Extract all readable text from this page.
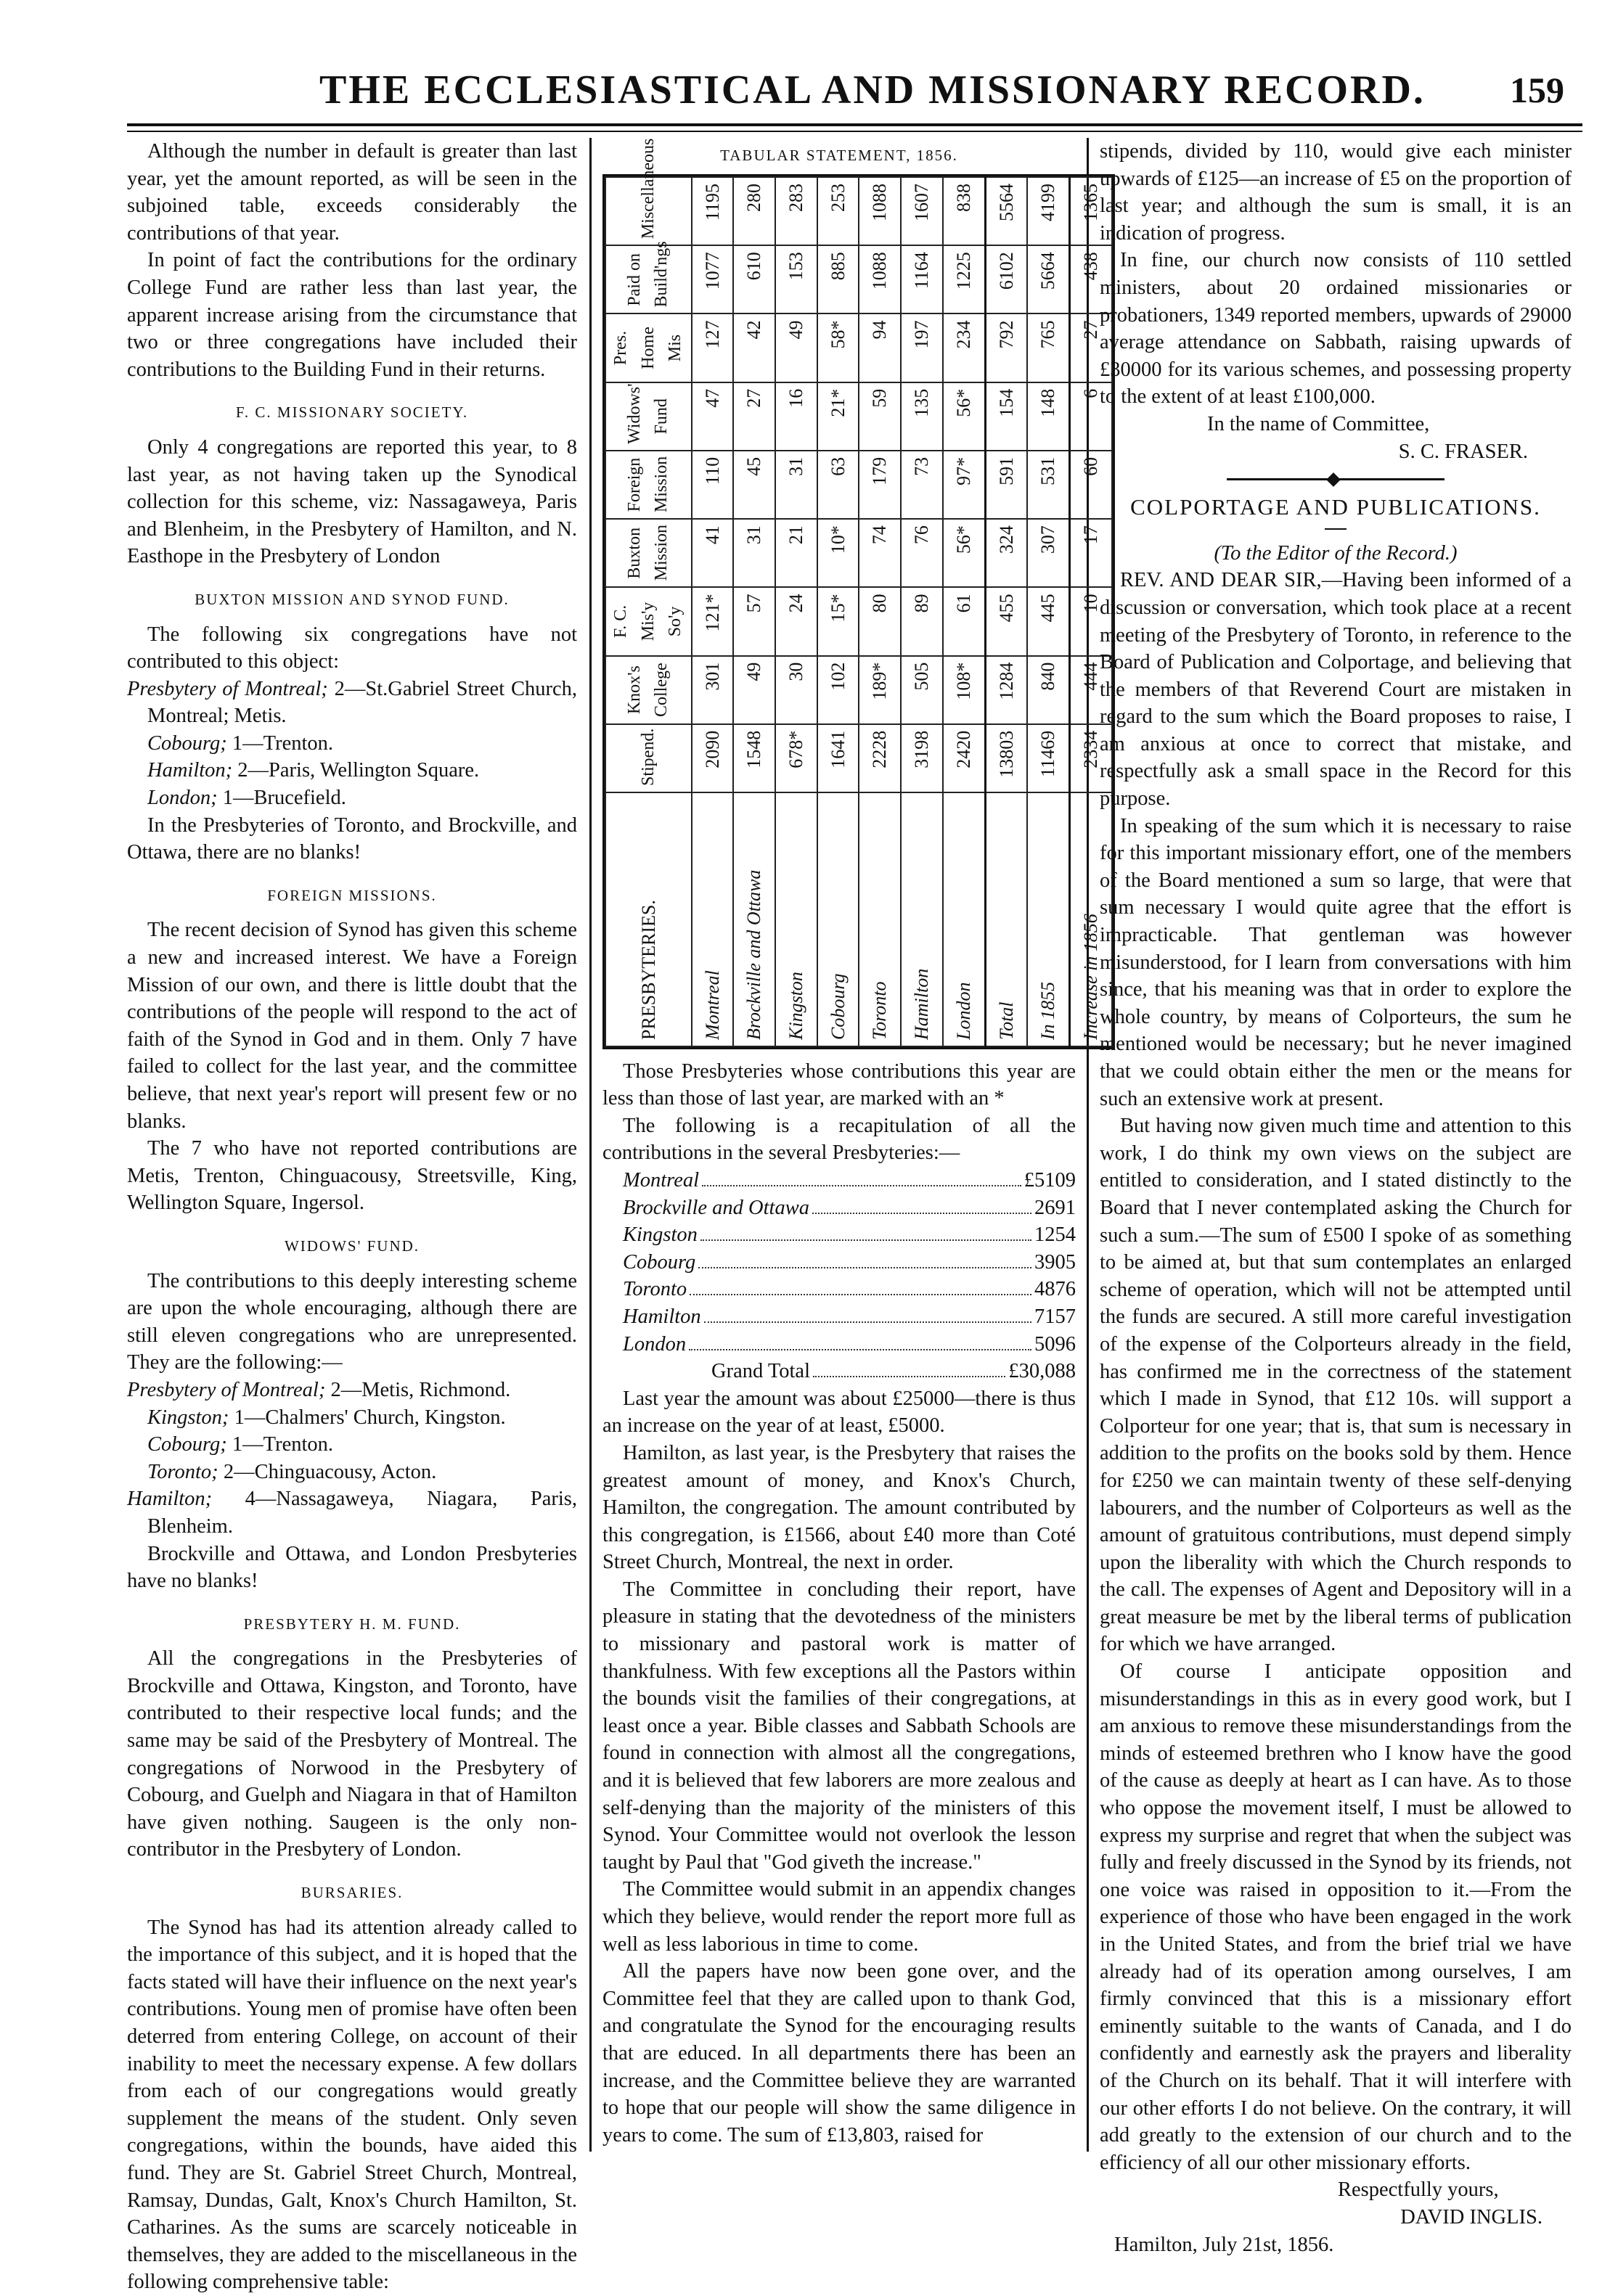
THE ECCLESIASTICAL AND MISSIONARY RECORD. 159

Although the number in default is greater than last year, yet the amount reported, as will be seen in the subjoined table, exceeds considerably the contributions of that year.

In point of fact the contributions for the ordinary College Fund are rather less than last year, the apparent increase arising from the circumstance that two or three congregations have included their contributions to the Building Fund in their returns.

F. C. MISSIONARY SOCIETY.

Only 4 congregations are reported this year, to 8 last year, as not having taken up the Synodical collection for this scheme, viz: Nassagaweya, Paris and Blenheim, in the Presbytery of Hamilton, and N. Easthope in the Presbytery of London

BUXTON MISSION AND SYNOD FUND.

The following six congregations have not contributed to this object:

Presbytery of Montreal; 2—St.Gabriel Street Church, Montreal; Metis.

Cobourg; 1—Trenton.

Hamilton; 2—Paris, Wellington Square.

London; 1—Brucefield.

In the Presbyteries of Toronto, and Brockville, and Ottawa, there are no blanks!

FOREIGN MISSIONS.

The recent decision of Synod has given this scheme a new and increased interest. We have a Foreign Mission of our own, and there is little doubt that the contributions of the people will respond to the act of faith of the Synod in God and in them. Only 7 have failed to collect for the last year, and the committee believe, that next year's report will present few or no blanks.

The 7 who have not reported contributions are Metis, Trenton, Chinguacousy, Streetsville, King, Wellington Square, Ingersol.

WIDOWS' FUND.

The contributions to this deeply interesting scheme are upon the whole encouraging, although there are still eleven congregations who are unrepresented. They are the following:—

Presbytery of Montreal; 2—Metis, Richmond.

Kingston; 1—Chalmers' Church, Kingston.

Cobourg; 1—Trenton.

Toronto; 2—Chinguacousy, Acton.

Hamilton; 4—Nassagaweya, Niagara, Paris, Blenheim.

Brockville and Ottawa, and London Presbyteries have no blanks!

PRESBYTERY H. M. FUND.

All the congregations in the Presbyteries of Brockville and Ottawa, Kingston, and Toronto, have contributed to their respective local funds; and the same may be said of the Presbytery of Montreal. The congregations of Norwood in the Presbytery of Cobourg, and Guelph and Niagara in that of Hamilton have given nothing. Saugeen is the only non-contributor in the Presbytery of London.

BURSARIES.

The Synod has had its attention already called to the importance of this subject, and it is hoped that the facts stated will have their influence on the next year's contributions. Young men of promise have often been deterred from entering College, on account of their inability to meet the necessary expense. A few dollars from each of our congregations would greatly supplement the means of the student. Only seven congregations, within the bounds, have aided this fund. They are St. Gabriel Street Church, Montreal, Ramsay, Dundas, Galt, Knox's Church Hamilton, St. Catharines. As the sums are scarcely noticeable in themselves, they are added to the miscellaneous in the following comprehensive table:

TABULAR STATEMENT, 1856.
PRESBYTERIES.	Stipend.	Knox's College	F. C. Mis'y So'y	Buxton Mission	Foreign Mission	Widows' Fund	Pres. Home Mis	Paid on Build'ngs	Miscellaneous
Montreal	2090	301	121*	41	110	47	127	1077	1195
Brockville and Ottawa	1548	49	57	31	45	27	42	610	280
Kingston	678*	30	24	21	31	16	49	153	283
Cobourg	1641	102	15*	10*	63	21*	58*	885	253
Toronto	2228	189*	80	74	179	59	94	1088	1088
Hamilton	3198	505	89	76	73	135	197	1164	1607
London	2420	108*	61	56*	97*	56*	234	1225	838
Total	13803	1284	455	324	591	154	792	6102	5564
In 1855	11469	840	445	307	531	148	765	5664	4199
Increase in 1856	2334	444	10	17	60	6	27	438	1365

Those Presbyteries whose contributions this year are less than those of last year, are marked with an *

The following is a recapitulation of all the contributions in the several Presbyteries:—

Montreal	£5109
Brockville and Ottawa	2691
Kingston	1254
Cobourg	3905
Toronto	4876
Hamilton	7157
London	5096
Grand Total	£30,088

Last year the amount was about £25000—there is thus an increase on the year of at least, £5000.

Hamilton, as last year, is the Presbytery that raises the greatest amount of money, and Knox's Church, Hamilton, the congregation. The amount contributed by this congregation, is £1566, about £40 more than Coté Street Church, Montreal, the next in order.

The Committee in concluding their report, have pleasure in stating that the devotedness of the ministers to missionary and pastoral work is matter of thankfulness. With few exceptions all the Pastors within the bounds visit the families of their congregations, at least once a year. Bible classes and Sabbath Schools are found in connection with almost all the congregations, and it is believed that few laborers are more zealous and self-denying than the majority of the ministers of this Synod. Your Committee would not overlook the lesson taught by Paul that "God giveth the increase."

The Committee would submit in an appendix changes which they believe, would render the report more full as well as less laborious in time to come.

All the papers have now been gone over, and the Committee feel that they are called upon to thank God, and congratulate the Synod for the encouraging results that are educed. In all departments there has been an increase, and the Committee believe they are warranted to hope that our people will show the same diligence in years to come. The sum of £13,803, raised for

stipends, divided by 110, would give each minister upwards of £125—an increase of £5 on the proportion of last year; and although the sum is small, it is an indication of progress.

In fine, our church now consists of 110 settled ministers, about 20 ordained missionaries or probationers, 1349 reported members, upwards of 29000 average attendance on Sabbath, raising upwards of £30000 for its various schemes, and possessing property to the extent of at least £100,000.

In the name of Committee,

S. C. FRASER.

COLPORTAGE AND PUBLICATIONS.

(To the Editor of the Record.)

REV. AND DEAR SIR,—Having been informed of a discussion or conversation, which took place at a recent meeting of the Presbytery of Toronto, in reference to the Board of Publication and Colportage, and believing that the members of that Reverend Court are mistaken in regard to the sum which the Board proposes to raise, I am anxious at once to correct that mistake, and respectfully ask a small space in the Record for this purpose.

In speaking of the sum which it is necessary to raise for this important missionary effort, one of the members of the Board mentioned a sum so large, that were that sum necessary I would quite agree that the effort is impracticable. That gentleman was however misunderstood, for I learn from conversations with him since, that his meaning was that in order to explore the whole country, by means of Colporteurs, the sum he mentioned would be necessary; but he never imagined that we could obtain either the men or the means for such an extensive work at present.

But having now given much time and attention to this work, I do think my own views on the subject are entitled to consideration, and I stated distinctly to the Board that I never contemplated asking the Church for such a sum.—The sum of £500 I spoke of as something to be aimed at, but that sum contemplates an enlarged scheme of operation, which will not be attempted until the funds are secured. A still more careful investigation of the expense of the Colporteurs already in the field, has confirmed me in the correctness of the statement which I made in Synod, that £12 10s. will support a Colporteur for one year; that is, that sum is necessary in addition to the profits on the books sold by them. Hence for £250 we can maintain twenty of these self-denying labourers, and the number of Colporteurs as well as the amount of gratuitous contributions, must depend simply upon the liberality with which the Church responds to the call. The expenses of Agent and Depository will in a great measure be met by the liberal terms of publication for which we have arranged.

Of course I anticipate opposition and misunderstandings in this as in every good work, but I am anxious to remove these misunderstandings from the minds of esteemed brethren who I know have the good of the cause as deeply at heart as I can have. As to those who oppose the movement itself, I must be allowed to express my surprise and regret that when the subject was fully and freely discussed in the Synod by its friends, not one voice was raised in opposition to it.—From the experience of those who have been engaged in the work in the United States, and from the brief trial we have already had of its operation among ourselves, I am firmly convinced that this is a missionary effort eminently suitable to the wants of Canada, and I do confidently and earnestly ask the prayers and liberality of the Church on its behalf. That it will interfere with our other efforts I do not believe. On the contrary, it will add greatly to the extension of our church and to the efficiency of all our other missionary efforts.

Respectfully yours,

DAVID INGLIS.

Hamilton, July 21st, 1856.
